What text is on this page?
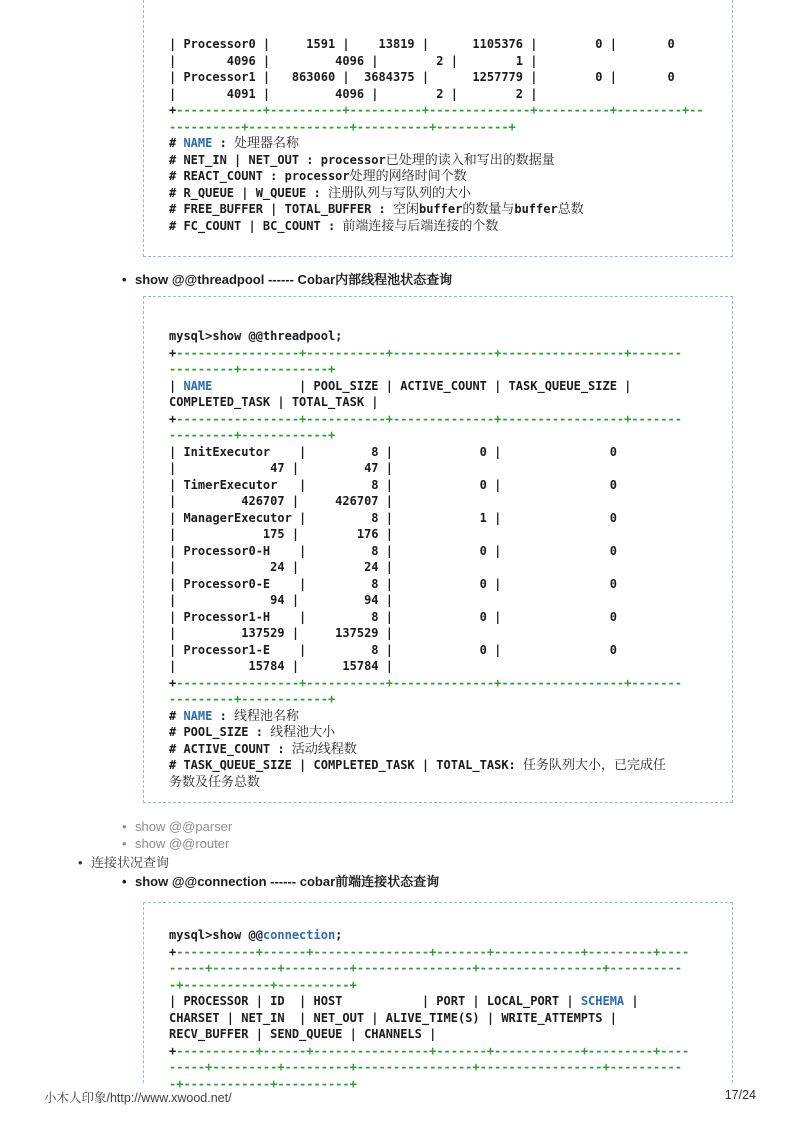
| Processor0 |     1591 |    13819 |      1105376 |        0 |       0
|       4096 |         4096 |        2 |        1 |
| Processor1 |   863060 |  3684375 |      1257779 |        0 |       0
|       4091 |         4096 |        2 |        2 |
+------------+----------+----------+--------------+----------+---------+--
----------+--------------+----------+----------+
# NAME : 处理器名称
# NET_IN | NET_OUT : processor已处理的读入和写出的数据量
# REACT_COUNT : processor处理的网络时间个数
# R_QUEUE | W_QUEUE : 注册队列与写队列的大小
# FREE_BUFFER | TOTAL_BUFFER : 空闲buffer的数量与buffer总数
# FC_COUNT | BC_COUNT : 前端连接与后端连接的个数
• show @@threadpool ------ Cobar内部线程池状态查询
mysql>show @@threadpool;
+-----------------+-----------+--------------+-----------------+-------
---------+------------+
| NAME            | POOL_SIZE | ACTIVE_COUNT | TASK_QUEUE_SIZE |
COMPLETED_TASK | TOTAL_TASK |
+-----------------+-----------+--------------+-----------------+-------
---------+------------+
| InitExecutor    |         8 |            0 |               0
|             47 |         47 |
| TimerExecutor   |         8 |            0 |               0
|         426707 |     426707 |
| ManagerExecutor |         8 |            1 |               0
|            175 |        176 |
| Processor0-H    |         8 |            0 |               0
|             24 |         24 |
| Processor0-E    |         8 |            0 |               0
|             94 |         94 |
| Processor1-H    |         8 |            0 |               0
|         137529 |     137529 |
| Processor1-E    |         8 |            0 |               0
|          15784 |      15784 |
+-----------------+-----------+--------------+-----------------+-------
---------+------------+
# NAME : 线程池名称
# POOL_SIZE : 线程池大小
# ACTIVE_COUNT : 活动线程数
# TASK_QUEUE_SIZE | COMPLETED_TASK | TOTAL_TASK: 任务队列大小，已完成任
务数及任务总数
• show @@parser
• show @@router
• 连接状况查询
• show @@connection ------ cobar前端连接状态查询
mysql>show @@connection;
+-----------+------+----------------+-------+------------+---------+----
-----+---------+---------+----------------+-----------------+----------
-+------------+----------+
| PROCESSOR | ID  | HOST           | PORT | LOCAL_PORT | SCHEMA |
CHARSET | NET_IN  | NET_OUT | ALIVE_TIME(S) | WRITE_ATTEMPTS |
RECV_BUFFER | SEND_QUEUE | CHANNELS |
+-----------+------+----------------+-------+------------+---------+----
-----+---------+---------+----------------+-----------------+----------
-+------------+----------+
小木人印象/http://www.xwood.net/	17/24
